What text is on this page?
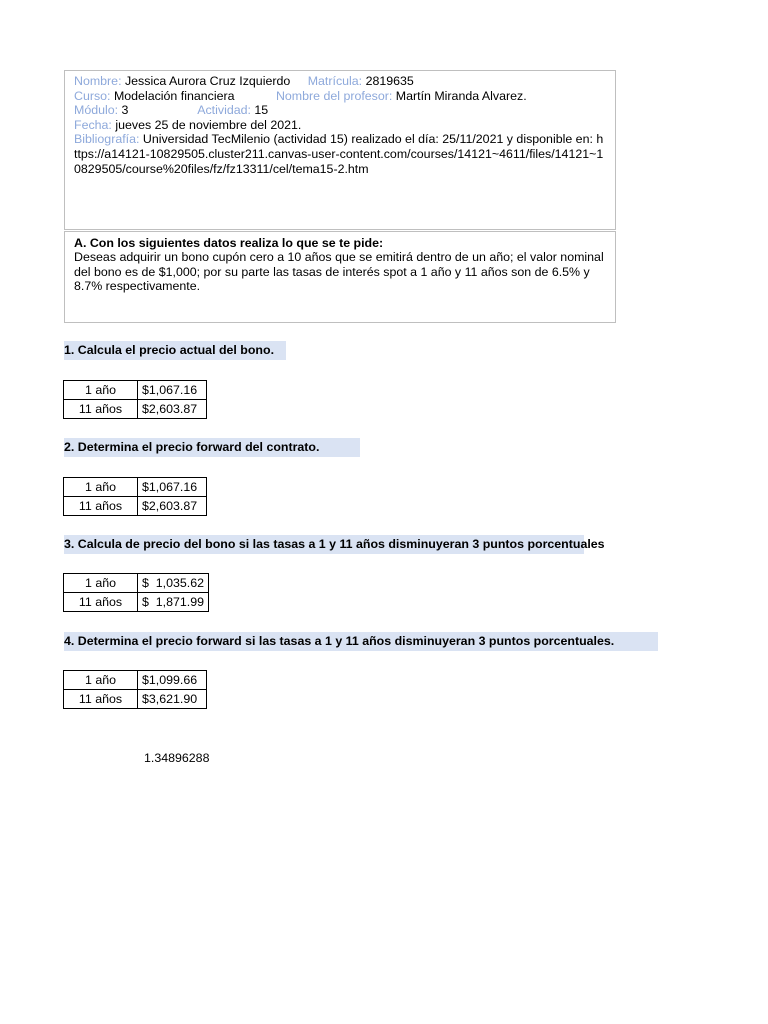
Nombre: Jessica Aurora Cruz Izquierdo Matrícula: 2819635
Curso: Modelación financiera	Nombre del profesor: Martín Miranda Alvarez.
Módulo: 3	Actividad: 15
Fecha: jueves 25 de noviembre del 2021.
Bibliografía: Universidad TecMilenio (actividad 15) realizado el día: 25/11/2021 y disponible en: https://a14121-10829505.cluster211.canvas-user-content.com/courses/14121~4611/files/14121~10829505/course%20files/fz/fz13311/cel/tema15-2.htm
A. Con los siguientes datos realiza lo que se te pide:
Deseas adquirir un bono cupón cero a 10 años que se emitirá dentro de un año; el valor nominal del bono es de $1,000; por su parte las tasas de interés spot a 1 año y 11 años son de 6.5% y 8.7% respectivamente.
1. Calcula el precio actual del bono.
1 año	$1,067.16
11 años	$2,603.87
2. Determina el precio forward del contrato.
1 año	$1,067.16
11 años	$2,603.87
3. Calcula de precio del bono si las tasas a 1 y 11 años disminuyeran 3 puntos porcentuales
1 año	$ 1,035.62

11 años	$ 1,871.99
4. Determina el precio forward si las tasas a 1 y 11 años disminuyeran 3 puntos porcentuales.
1 año	$1,099.66
11 años	$3,621.90
1.34896288
